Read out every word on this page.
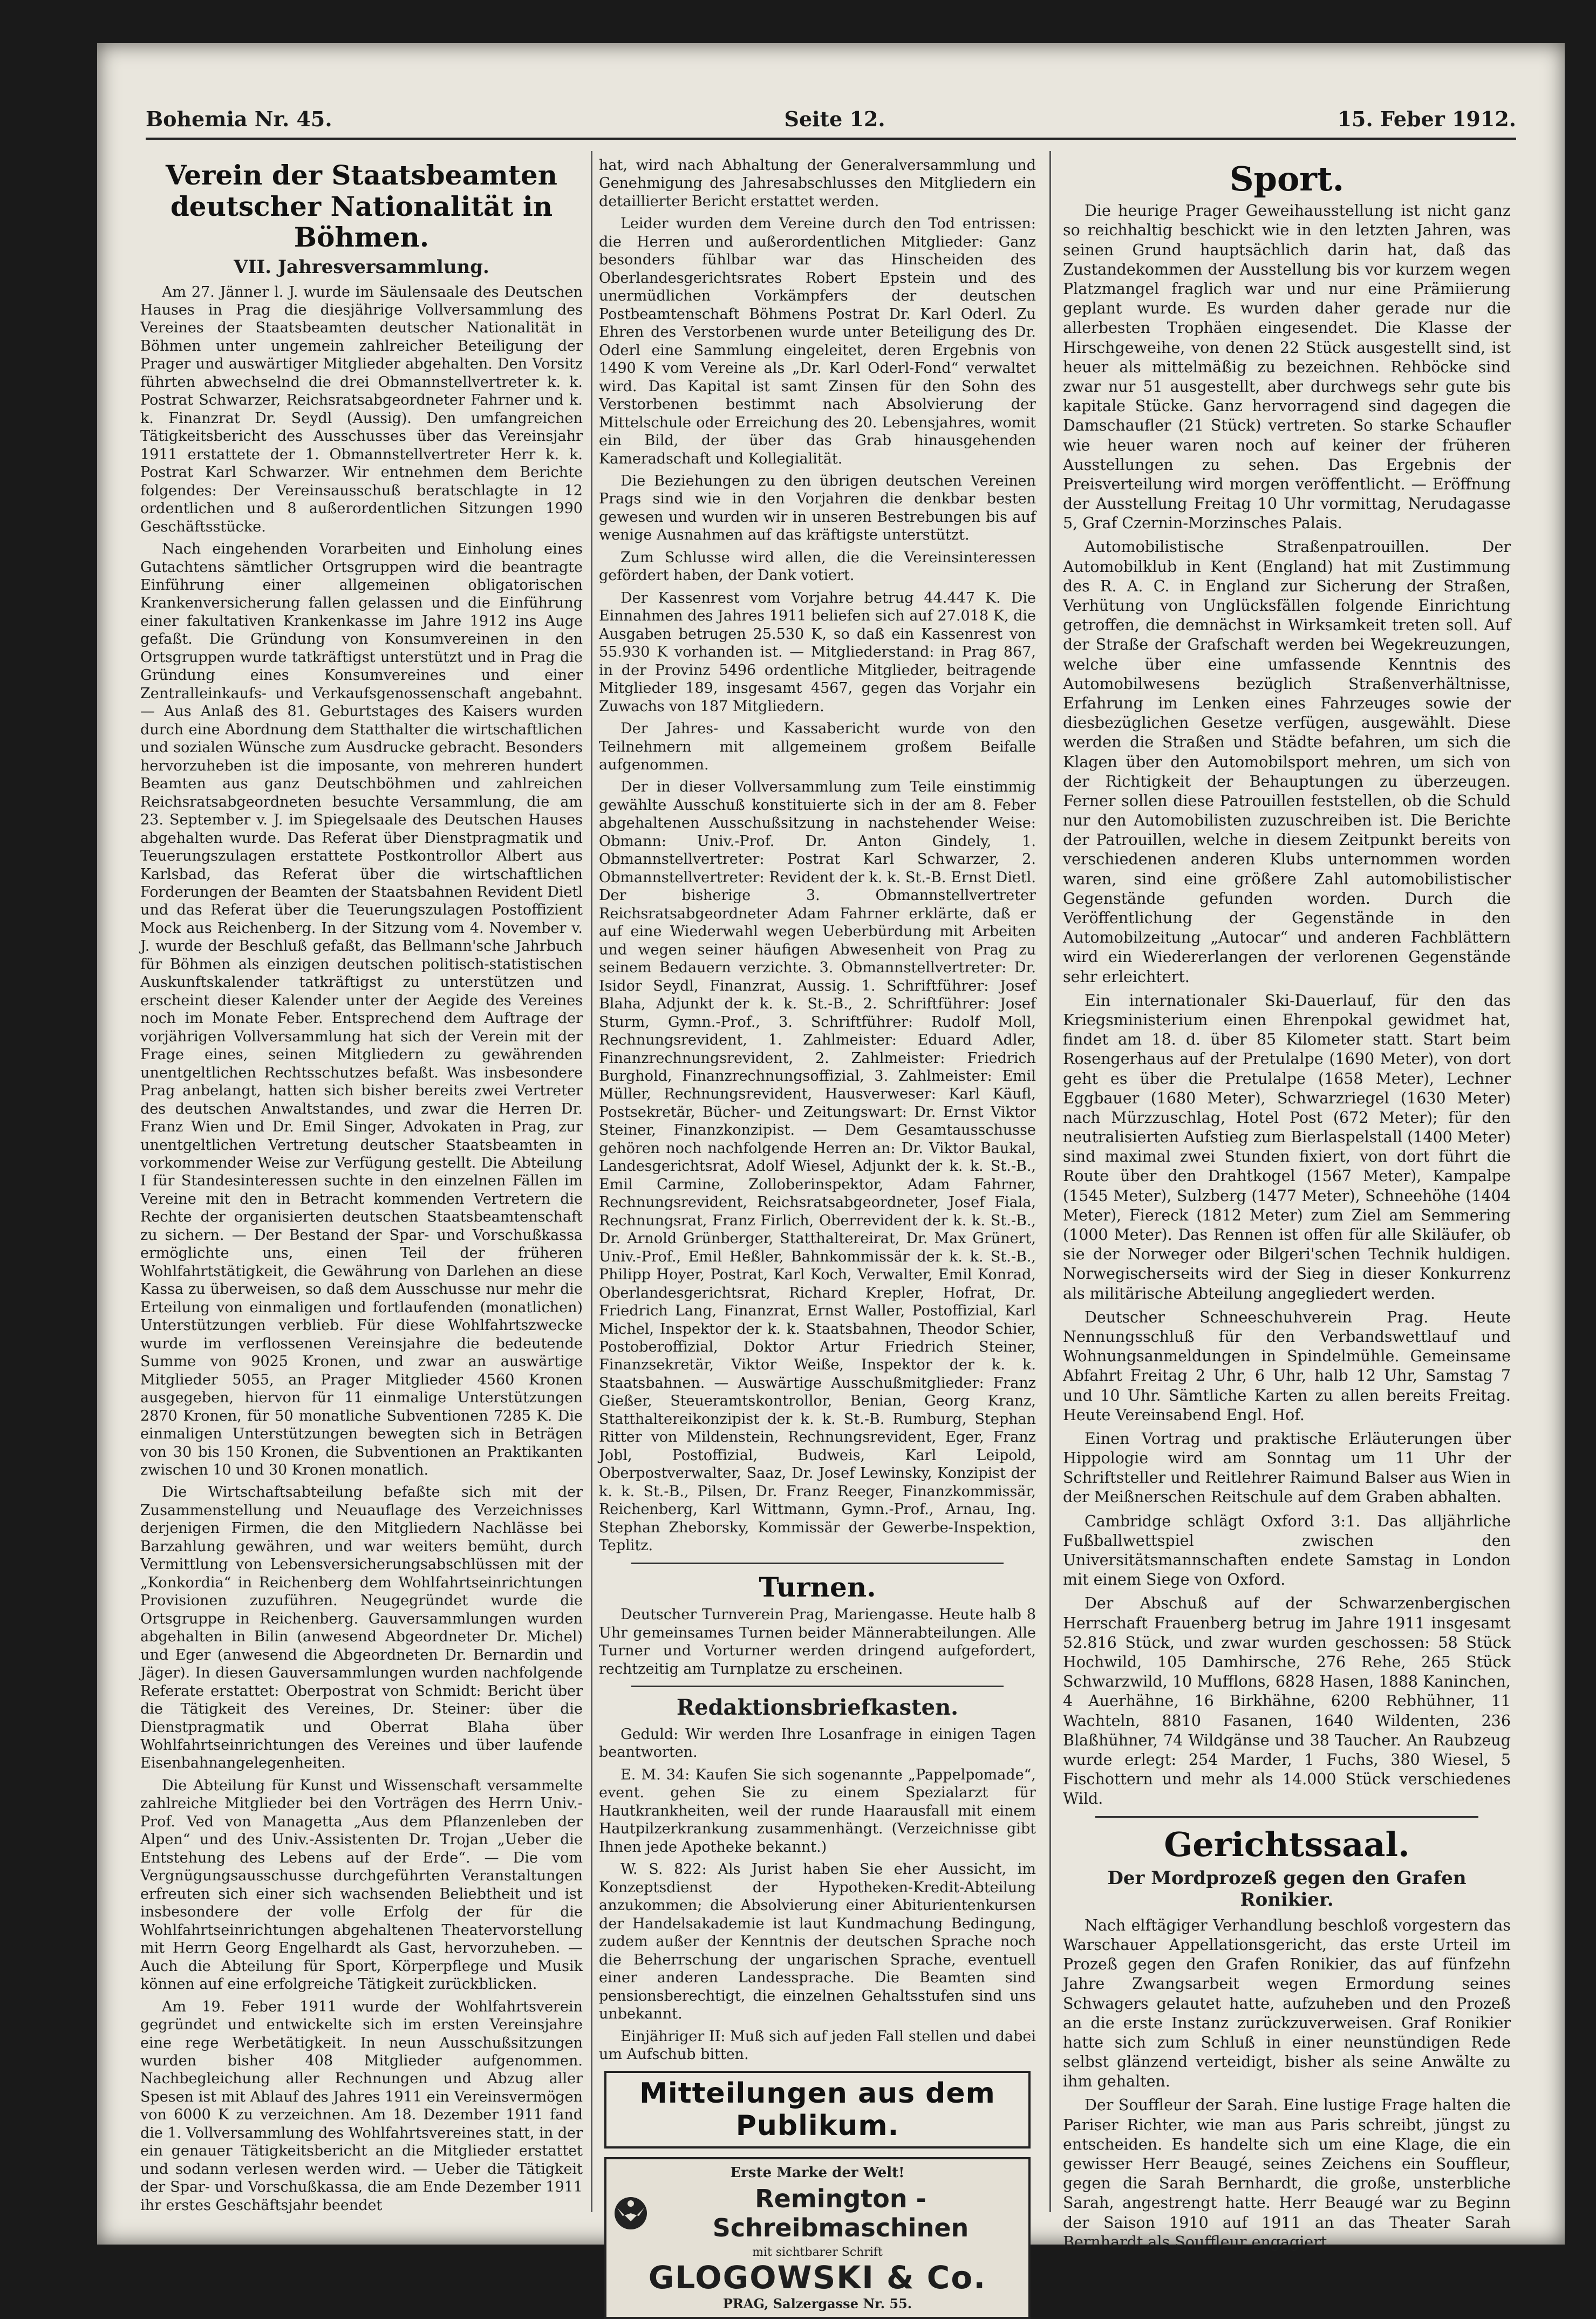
Bohemia Nr. 45.	Seite 12.	15. Feber 1912.
Verein der Staatsbeamten deutscher Nationalität in Böhmen.
VII. Jahresversammlung.

Am 27. Jänner l. J. wurde im Säulensaale des Deutschen Hauses in Prag die diesjährige Vollversammlung des Vereines der Staatsbeamten deutscher Nationalität in Böhmen unter ungemein zahlreicher Beteiligung der Prager und auswärtiger Mitglieder abgehalten. Den Vorsitz führten abwechselnd die drei Obmannstellvertreter k. k. Postrat Schwarzer, Reichsratsabgeordneter Fahrner und k. k. Finanzrat Dr. Seydl (Aussig). Den umfangreichen Tätigkeitsbericht des Ausschusses über das Vereinsjahr 1911 erstattete der 1. Obmannstellvertreter Herr k. k. Postrat Karl Schwarzer. Wir entnehmen dem Berichte folgendes: Der Vereinsausschuß beratschlagte in 12 ordentlichen und 8 außerordentlichen Sitzungen 1990 Geschäftsstücke.

Nach eingehenden Vorarbeiten und Einholung eines Gutachtens sämtlicher Ortsgruppen wird die beantragte Einführung einer allgemeinen obligatorischen Krankenversicherung fallen gelassen und die Einführung einer fakultativen Krankenkasse im Jahre 1912 ins Auge gefaßt. Die Gründung von Konsumvereinen in den Ortsgruppen wurde tatkräftigst unterstützt und in Prag die Gründung eines Konsumvereines und einer Zentralleinkaufs- und Verkaufsgenossenschaft angebahnt. — Aus Anlaß des 81. Geburtstages des Kaisers wurden durch eine Abordnung dem Statthalter die wirtschaftlichen und sozialen Wünsche zum Ausdrucke gebracht. Besonders hervorzuheben ist die imposante, von mehreren hundert Beamten aus ganz Deutschböhmen und zahlreichen Reichsratsabgeordneten besuchte Versammlung, die am 23. September v. J. im Spiegelsaale des Deutschen Hauses abgehalten wurde. Das Referat über Dienstpragmatik und Teuerungszulagen erstattete Postkontrollor Albert aus Karlsbad, das Referat über die wirtschaftlichen Forderungen der Beamten der Staatsbahnen Revident Dietl und das Referat über die Teuerungszulagen Postoffizient Mock aus Reichenberg. In der Sitzung vom 4. November v. J. wurde der Beschluß gefaßt, das Bellmann'sche Jahrbuch für Böhmen als einzigen deutschen politisch-statistischen Auskunftskalender tatkräftigst zu unterstützen und erscheint dieser Kalender unter der Aegide des Vereines noch im Monate Feber. Entsprechend dem Auftrage der vorjährigen Vollversammlung hat sich der Verein mit der Frage eines, seinen Mitgliedern zu gewährenden unentgeltlichen Rechtsschutzes befaßt. Was insbesondere Prag anbelangt, hatten sich bisher bereits zwei Vertreter des deutschen Anwaltstandes, und zwar die Herren Dr. Franz Wien und Dr. Emil Singer, Advokaten in Prag, zur unentgeltlichen Vertretung deutscher Staatsbeamten in vorkommender Weise zur Verfügung gestellt. Die Abteilung I für Standesinteressen suchte in den einzelnen Fällen im Vereine mit den in Betracht kommenden Vertretern die Rechte der organisierten deutschen Staatsbeamtenschaft zu sichern. — Der Bestand der Spar- und Vorschußkassa ermöglichte uns, einen Teil der früheren Wohlfahrtstätigkeit, die Gewährung von Darlehen an diese Kassa zu überweisen, so daß dem Ausschusse nur mehr die Erteilung von einmaligen und fortlaufenden (monatlichen) Unterstützungen verblieb. Für diese Wohlfahrtszwecke wurde im verflossenen Vereinsjahre die bedeutende Summe von 9025 Kronen, und zwar an auswärtige Mitglieder 5055, an Prager Mitglieder 4560 Kronen ausgegeben, hiervon für 11 einmalige Unterstützungen 2870 Kronen, für 50 monatliche Subventionen 7285 K. Die einmaligen Unterstützungen bewegten sich in Beträgen von 30 bis 150 Kronen, die Subventionen an Praktikanten zwischen 10 und 30 Kronen monatlich.

Die Wirtschaftsabteilung befaßte sich mit der Zusammenstellung und Neuauflage des Verzeichnisses derjenigen Firmen, die den Mitgliedern Nachlässe bei Barzahlung gewähren, und war weiters bemüht, durch Vermittlung von Lebensversicherungsabschlüssen mit der „Konkordia“ in Reichenberg dem Wohlfahrtseinrichtungen Provisionen zuzuführen. Neugegründet wurde die Ortsgruppe in Reichenberg. Gauversammlungen wurden abgehalten in Bilin (anwesend Abgeordneter Dr. Michel) und Eger (anwesend die Abgeordneten Dr. Bernardin und Jäger). In diesen Gauversammlungen wurden nachfolgende Referate erstattet: Oberpostrat von Schmidt: Bericht über die Tätigkeit des Vereines, Dr. Steiner: über die Dienstpragmatik und Oberrat Blaha über Wohlfahrtseinrichtungen des Vereines und über laufende Eisenbahnangelegenheiten.

Die Abteilung für Kunst und Wissenschaft versammelte zahlreiche Mitglieder bei den Vorträgen des Herrn Univ.-Prof. Ved von Managetta „Aus dem Pflanzenleben der Alpen“ und des Univ.-Assistenten Dr. Trojan „Ueber die Entstehung des Lebens auf der Erde“. — Die vom Vergnügungsausschusse durchgeführten Veranstaltungen erfreuten sich einer sich wachsenden Beliebtheit und ist insbesondere der volle Erfolg der für die Wohlfahrtseinrichtungen abgehaltenen Theatervorstellung mit Herrn Georg Engelhardt als Gast, hervorzuheben. — Auch die Abteilung für Sport, Körperpflege und Musik können auf eine erfolgreiche Tätigkeit zurückblicken.

Am 19. Feber 1911 wurde der Wohlfahrtsverein gegründet und entwickelte sich im ersten Vereinsjahre eine rege Werbetätigkeit. In neun Ausschußsitzungen wurden bisher 408 Mitglieder aufgenommen. Nachbegleichung aller Rechnungen und Abzug aller Spesen ist mit Ablauf des Jahres 1911 ein Vereinsvermögen von 6000 K zu verzeichnen. Am 18. Dezember 1911 fand die 1. Vollversammlung des Wohlfahrtsvereines statt, in der ein genauer Tätigkeitsbericht an die Mitglieder erstattet und sodann verlesen werden wird. — Ueber die Tätigkeit der Spar- und Vorschußkassa, die am Ende Dezember 1911 ihr erstes Geschäftsjahr beendet

hat, wird nach Abhaltung der Generalversammlung und Genehmigung des Jahresabschlusses den Mitgliedern ein detaillierter Bericht erstattet werden.

Leider wurden dem Vereine durch den Tod entrissen: die Herren und außerordentlichen Mitglieder: Ganz besonders fühlbar war das Hinscheiden des Oberlandesgerichtsrates Robert Epstein und des unermüdlichen Vorkämpfers der deutschen Postbeamtenschaft Böhmens Postrat Dr. Karl Oderl. Zu Ehren des Verstorbenen wurde unter Beteiligung des Dr. Oderl eine Sammlung eingeleitet, deren Ergebnis von 1490 K vom Vereine als „Dr. Karl Oderl-Fond“ verwaltet wird. Das Kapital ist samt Zinsen für den Sohn des Verstorbenen bestimmt nach Absolvierung der Mittelschule oder Erreichung des 20. Lebensjahres, womit ein Bild, der über das Grab hinausgehenden Kameradschaft und Kollegialität.

Die Beziehungen zu den übrigen deutschen Vereinen Prags sind wie in den Vorjahren die denkbar besten gewesen und wurden wir in unseren Bestrebungen bis auf wenige Ausnahmen auf das kräftigste unterstützt.

Zum Schlusse wird allen, die die Vereinsinteressen gefördert haben, der Dank votiert.

Der Kassenrest vom Vorjahre betrug 44.447 K. Die Einnahmen des Jahres 1911 beliefen sich auf 27.018 K, die Ausgaben betrugen 25.530 K, so daß ein Kassenrest von 55.930 K vorhanden ist. — Mitgliederstand: in Prag 867, in der Provinz 5496 ordentliche Mitglieder, beitragende Mitglieder 189, insgesamt 4567, gegen das Vorjahr ein Zuwachs von 187 Mitgliedern.

Der Jahres- und Kassabericht wurde von den Teilnehmern mit allgemeinem großem Beifalle aufgenommen.

Der in dieser Vollversammlung zum Teile einstimmig gewählte Ausschuß konstituierte sich in der am 8. Feber abgehaltenen Ausschußsitzung in nachstehender Weise: Obmann: Univ.-Prof. Dr. Anton Gindely, 1. Obmannstellvertreter: Postrat Karl Schwarzer, 2. Obmannstellvertreter: Revident der k. k. St.-B. Ernst Dietl. Der bisherige 3. Obmannstellvertreter Reichsratsabgeordneter Adam Fahrner erklärte, daß er auf eine Wiederwahl wegen Ueberbürdung mit Arbeiten und wegen seiner häufigen Abwesenheit von Prag zu seinem Bedauern verzichte. 3. Obmannstellvertreter: Dr. Isidor Seydl, Finanzrat, Aussig. 1. Schriftführer: Josef Blaha, Adjunkt der k. k. St.-B., 2. Schriftführer: Josef Sturm, Gymn.-Prof., 3. Schriftführer: Rudolf Moll, Rechnungsrevident, 1. Zahlmeister: Eduard Adler, Finanzrechnungsrevident, 2. Zahlmeister: Friedrich Burghold, Finanzrechnungsoffizial, 3. Zahlmeister: Emil Müller, Rechnungsrevident, Hausverweser: Karl Käufl, Postsekretär, Bücher- und Zeitungswart: Dr. Ernst Viktor Steiner, Finanzkonzipist. — Dem Gesamtausschusse gehören noch nachfolgende Herren an: Dr. Viktor Baukal, Landesgerichtsrat, Adolf Wiesel, Adjunkt der k. k. St.-B., Emil Carmine, Zolloberinspektor, Adam Fahrner, Rechnungsrevident, Reichsratsabgeordneter, Josef Fiala, Rechnungsrat, Franz Firlich, Oberrevident der k. k. St.-B., Dr. Arnold Grünberger, Statthaltereirat, Dr. Max Grünert, Univ.-Prof., Emil Heßler, Bahnkommissär der k. k. St.-B., Philipp Hoyer, Postrat, Karl Koch, Verwalter, Emil Konrad, Oberlandesgerichtsrat, Richard Krepler, Hofrat, Dr. Friedrich Lang, Finanzrat, Ernst Waller, Postoffizial, Karl Michel, Inspektor der k. k. Staatsbahnen, Theodor Schier, Postoberoffizial, Doktor Artur Friedrich Steiner, Finanzsekretär, Viktor Weiße, Inspektor der k. k. Staatsbahnen. — Auswärtige Ausschußmitglieder: Franz Gießer, Steueramtskontrollor, Benian, Georg Kranz, Statthaltereikonzipist der k. k. St.-B. Rumburg, Stephan Ritter von Mildenstein, Rechnungsrevident, Eger, Franz Jobl, Postoffizial, Budweis, Karl Leipold, Oberpostverwalter, Saaz, Dr. Josef Lewinsky, Konzipist der k. k. St.-B., Pilsen, Dr. Franz Reeger, Finanzkommissär, Reichenberg, Karl Wittmann, Gymn.-Prof., Arnau, Ing. Stephan Zheborsky, Kommissär der Gewerbe-Inspektion, Teplitz.

Turnen.

Deutscher Turnverein Prag, Mariengasse. Heute halb 8 Uhr gemeinsames Turnen beider Männerabteilungen. Alle Turner und Vorturner werden dringend aufgefordert, rechtzeitig am Turnplatze zu erscheinen.

Redaktionsbriefkasten.

Geduld: Wir werden Ihre Losanfrage in einigen Tagen beantworten.

E. M. 34: Kaufen Sie sich sogenannte „Pappelpomade“, event. gehen Sie zu einem Spezialarzt für Hautkrankheiten, weil der runde Haarausfall mit einem Hautpilzerkrankung zusammenhängt. (Verzeichnisse gibt Ihnen jede Apotheke bekannt.)

W. S. 822: Als Jurist haben Sie eher Aussicht, im Konzeptsdienst der Hypotheken-Kredit-Abteilung anzukommen; die Absolvierung einer Abiturientenkursen der Handelsakademie ist laut Kundmachung Bedingung, zudem außer der Kenntnis der deutschen Sprache noch die Beherrschung der ungarischen Sprache, eventuell einer anderen Landessprache. Die Beamten sind pensionsberechtigt, die einzelnen Gehaltsstufen sind uns unbekannt.

Einjähriger II: Muß sich auf jeden Fall stellen und dabei um Aufschub bitten.

Mitteilungen aus dem Publikum.
Erste Marke der Welt!
Remington - Schreibmaschinen
mit sichtbarer Schrift
GLOGOWSKI & Co.
PRAG, Salzergasse Nr. 55.
Sport.

Die heurige Prager Geweihausstellung ist nicht ganz so reichhaltig beschickt wie in den letzten Jahren, was seinen Grund hauptsächlich darin hat, daß das Zustandekommen der Ausstellung bis vor kurzem wegen Platzmangel fraglich war und nur eine Prämiierung geplant wurde. Es wurden daher gerade nur die allerbesten Trophäen eingesendet. Die Klasse der Hirschgeweihe, von denen 22 Stück ausgestellt sind, ist heuer als mittelmäßig zu bezeichnen. Rehböcke sind zwar nur 51 ausgestellt, aber durchwegs sehr gute bis kapitale Stücke. Ganz hervorragend sind dagegen die Damschaufler (21 Stück) vertreten. So starke Schaufler wie heuer waren noch auf keiner der früheren Ausstellungen zu sehen. Das Ergebnis der Preisverteilung wird morgen veröffentlicht. — Eröffnung der Ausstellung Freitag 10 Uhr vormittag, Nerudagasse 5, Graf Czernin-Morzinsches Palais.

Automobilistische Straßenpatrouillen. Der Automobilklub in Kent (England) hat mit Zustimmung des R. A. C. in England zur Sicherung der Straßen, Verhütung von Unglücksfällen folgende Einrichtung getroffen, die demnächst in Wirksamkeit treten soll. Auf der Straße der Grafschaft werden bei Wegekreuzungen, welche über eine umfassende Kenntnis des Automobilwesens bezüglich Straßenverhältnisse, Erfahrung im Lenken eines Fahrzeuges sowie der diesbezüglichen Gesetze verfügen, ausgewählt. Diese werden die Straßen und Städte befahren, um sich die Klagen über den Automobilsport mehren, um sich von der Richtigkeit der Behauptungen zu überzeugen. Ferner sollen diese Patrouillen feststellen, ob die Schuld nur den Automobilisten zuzuschreiben ist. Die Berichte der Patrouillen, welche in diesem Zeitpunkt bereits von verschiedenen anderen Klubs unternommen worden waren, sind eine größere Zahl automobilistischer Gegenstände gefunden worden. Durch die Veröffentlichung der Gegenstände in den Automobilzeitung „Autocar“ und anderen Fachblättern wird ein Wiedererlangen der verlorenen Gegenstände sehr erleichtert.

Ein internationaler Ski-Dauerlauf, für den das Kriegsministerium einen Ehrenpokal gewidmet hat, findet am 18. d. über 85 Kilometer statt. Start beim Rosengerhaus auf der Pretulalpe (1690 Meter), von dort geht es über die Pretulalpe (1658 Meter), Lechner Eggbauer (1680 Meter), Schwarzriegel (1630 Meter) nach Mürzzuschlag, Hotel Post (672 Meter); für den neutralisierten Aufstieg zum Bierlaspelstall (1400 Meter) sind maximal zwei Stunden fixiert, von dort führt die Route über den Drahtkogel (1567 Meter), Kampalpe (1545 Meter), Sulzberg (1477 Meter), Schneehöhe (1404 Meter), Fiereck (1812 Meter) zum Ziel am Semmering (1000 Meter). Das Rennen ist offen für alle Skiläufer, ob sie der Norweger oder Bilgeri'schen Technik huldigen. Norwegischerseits wird der Sieg in dieser Konkurrenz als militärische Abteilung angegliedert werden.

Deutscher Schneeschuhverein Prag. Heute Nennungsschluß für den Verbandswettlauf und Wohnungsanmeldungen in Spindelmühle. Gemeinsame Abfahrt Freitag 2 Uhr, 6 Uhr, halb 12 Uhr, Samstag 7 und 10 Uhr. Sämtliche Karten zu allen bereits Freitag. Heute Vereinsabend Engl. Hof.

Einen Vortrag und praktische Erläuterungen über Hippologie wird am Sonntag um 11 Uhr der Schriftsteller und Reitlehrer Raimund Balser aus Wien in der Meißnerschen Reitschule auf dem Graben abhalten.

Cambridge schlägt Oxford 3:1. Das alljährliche Fußballwettspiel zwischen den Universitätsmannschaften endete Samstag in London mit einem Siege von Oxford.

Der Abschuß auf der Schwarzenbergischen Herrschaft Frauenberg betrug im Jahre 1911 insgesamt 52.816 Stück, und zwar wurden geschossen: 58 Stück Hochwild, 105 Damhirsche, 276 Rehe, 265 Stück Schwarzwild, 10 Mufflons, 6828 Hasen, 1888 Kaninchen, 4 Auerhähne, 16 Birkhähne, 6200 Rebhühner, 11 Wachteln, 8810 Fasanen, 1640 Wildenten, 236 Blaßhühner, 74 Wildgänse und 38 Taucher. An Raubzeug wurde erlegt: 254 Marder, 1 Fuchs, 380 Wiesel, 5 Fischottern und mehr als 14.000 Stück verschiedenes Wild.

Gerichtssaal.
Der Mordprozeß gegen den Grafen Ronikier.

Nach elftägiger Verhandlung beschloß vorgestern das Warschauer Appellationsgericht, das erste Urteil im Prozeß gegen den Grafen Ronikier, das auf fünfzehn Jahre Zwangsarbeit wegen Ermordung seines Schwagers gelautet hatte, aufzuheben und den Prozeß an die erste Instanz zurückzuverweisen. Graf Ronikier hatte sich zum Schluß in einer neunstündigen Rede selbst glänzend verteidigt, bisher als seine Anwälte zu ihm gehalten.

Der Souffleur der Sarah. Eine lustige Frage halten die Pariser Richter, wie man aus Paris schreibt, jüngst zu entscheiden. Es handelte sich um eine Klage, die ein gewisser Herr Beaugé, seines Zeichens ein Souffleur, gegen die Sarah Bernhardt, die große, unsterbliche Sarah, angestrengt hatte. Herr Beaugé war zu Beginn der Saison 1910 auf 1911 an das Theater Sarah Bernhardt als Souffleur engagiert
